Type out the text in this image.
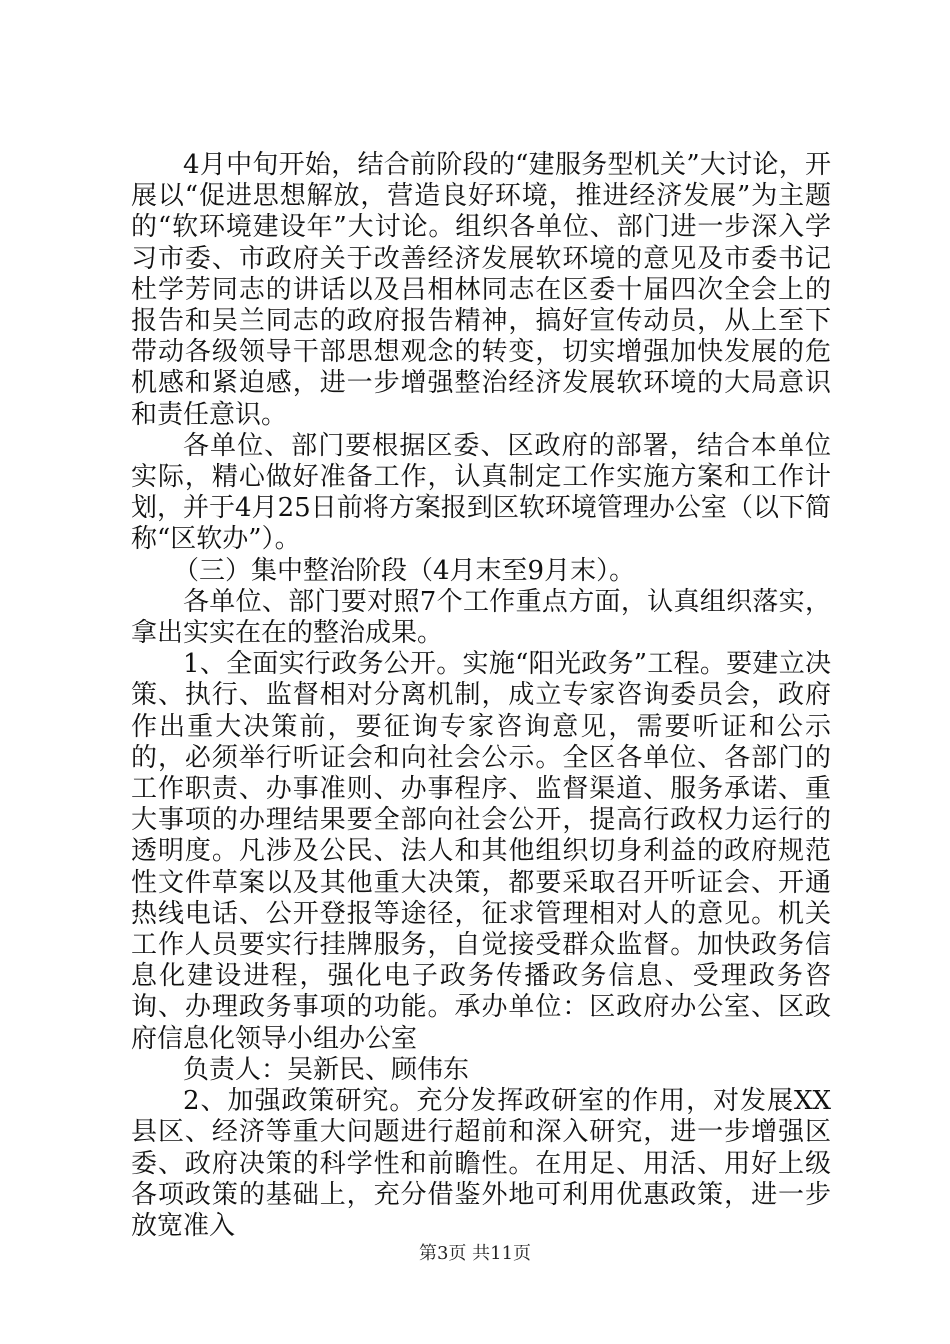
4月中旬开始，结合前阶段的“建服务型机关”大讨论，开展以“促进思想解放，营造良好环境，推进经济发展”为主题的“软环境建设年”大讨论。组织各单位、部门进一步深入学习市委、市政府关于改善经济发展软环境的意见及市委书记杜学芳同志的讲话以及吕相林同志在区委十届四次全会上的报告和吴兰同志的政府报告精神，搞好宣传动员，从上至下带动各级领导干部思想观念的转变，切实增强加快发展的危机感和紧迫感，进一步增强整治经济发展软环境的大局意识和责任意识。

各单位、部门要根据区委、区政府的部署，结合本单位实际，精心做好准备工作，认真制定工作实施方案和工作计划，并于4月25日前将方案报到区软环境管理办公室（以下简称“区软办”）。

（三）集中整治阶段（4月末至9月末）。

各单位、部门要对照7个工作重点方面，认真组织落实，拿出实实在在的整治成果。

1、全面实行政务公开。实施“阳光政务”工程。要建立决策、执行、监督相对分离机制，成立专家咨询委员会，政府作出重大决策前，要征询专家咨询意见，需要听证和公示的，必须举行听证会和向社会公示。全区各单位、各部门的工作职责、办事准则、办事程序、监督渠道、服务承诺、重大事项的办理结果要全部向社会公开，提高行政权力运行的透明度。凡涉及公民、法人和其他组织切身利益的政府规范性文件草案以及其他重大决策，都要采取召开听证会、开通热线电话、公开登报等途径，征求管理相对人的意见。机关工作人员要实行挂牌服务，自觉接受群众监督。加快政务信息化建设进程，强化电子政务传播政务信息、受理政务咨询、办理政务事项的功能。承办单位：区政府办公室、区政府信息化领导小组办公室

负责人：吴新民、顾伟东

2、加强政策研究。充分发挥政研室的作用，对发展XX县区、经济等重大问题进行超前和深入研究，进一步增强区委、政府决策的科学性和前瞻性。在用足、用活、用好上级各项政策的基础上，充分借鉴外地可利用优惠政策，进一步放宽准入

第3页 共11页
